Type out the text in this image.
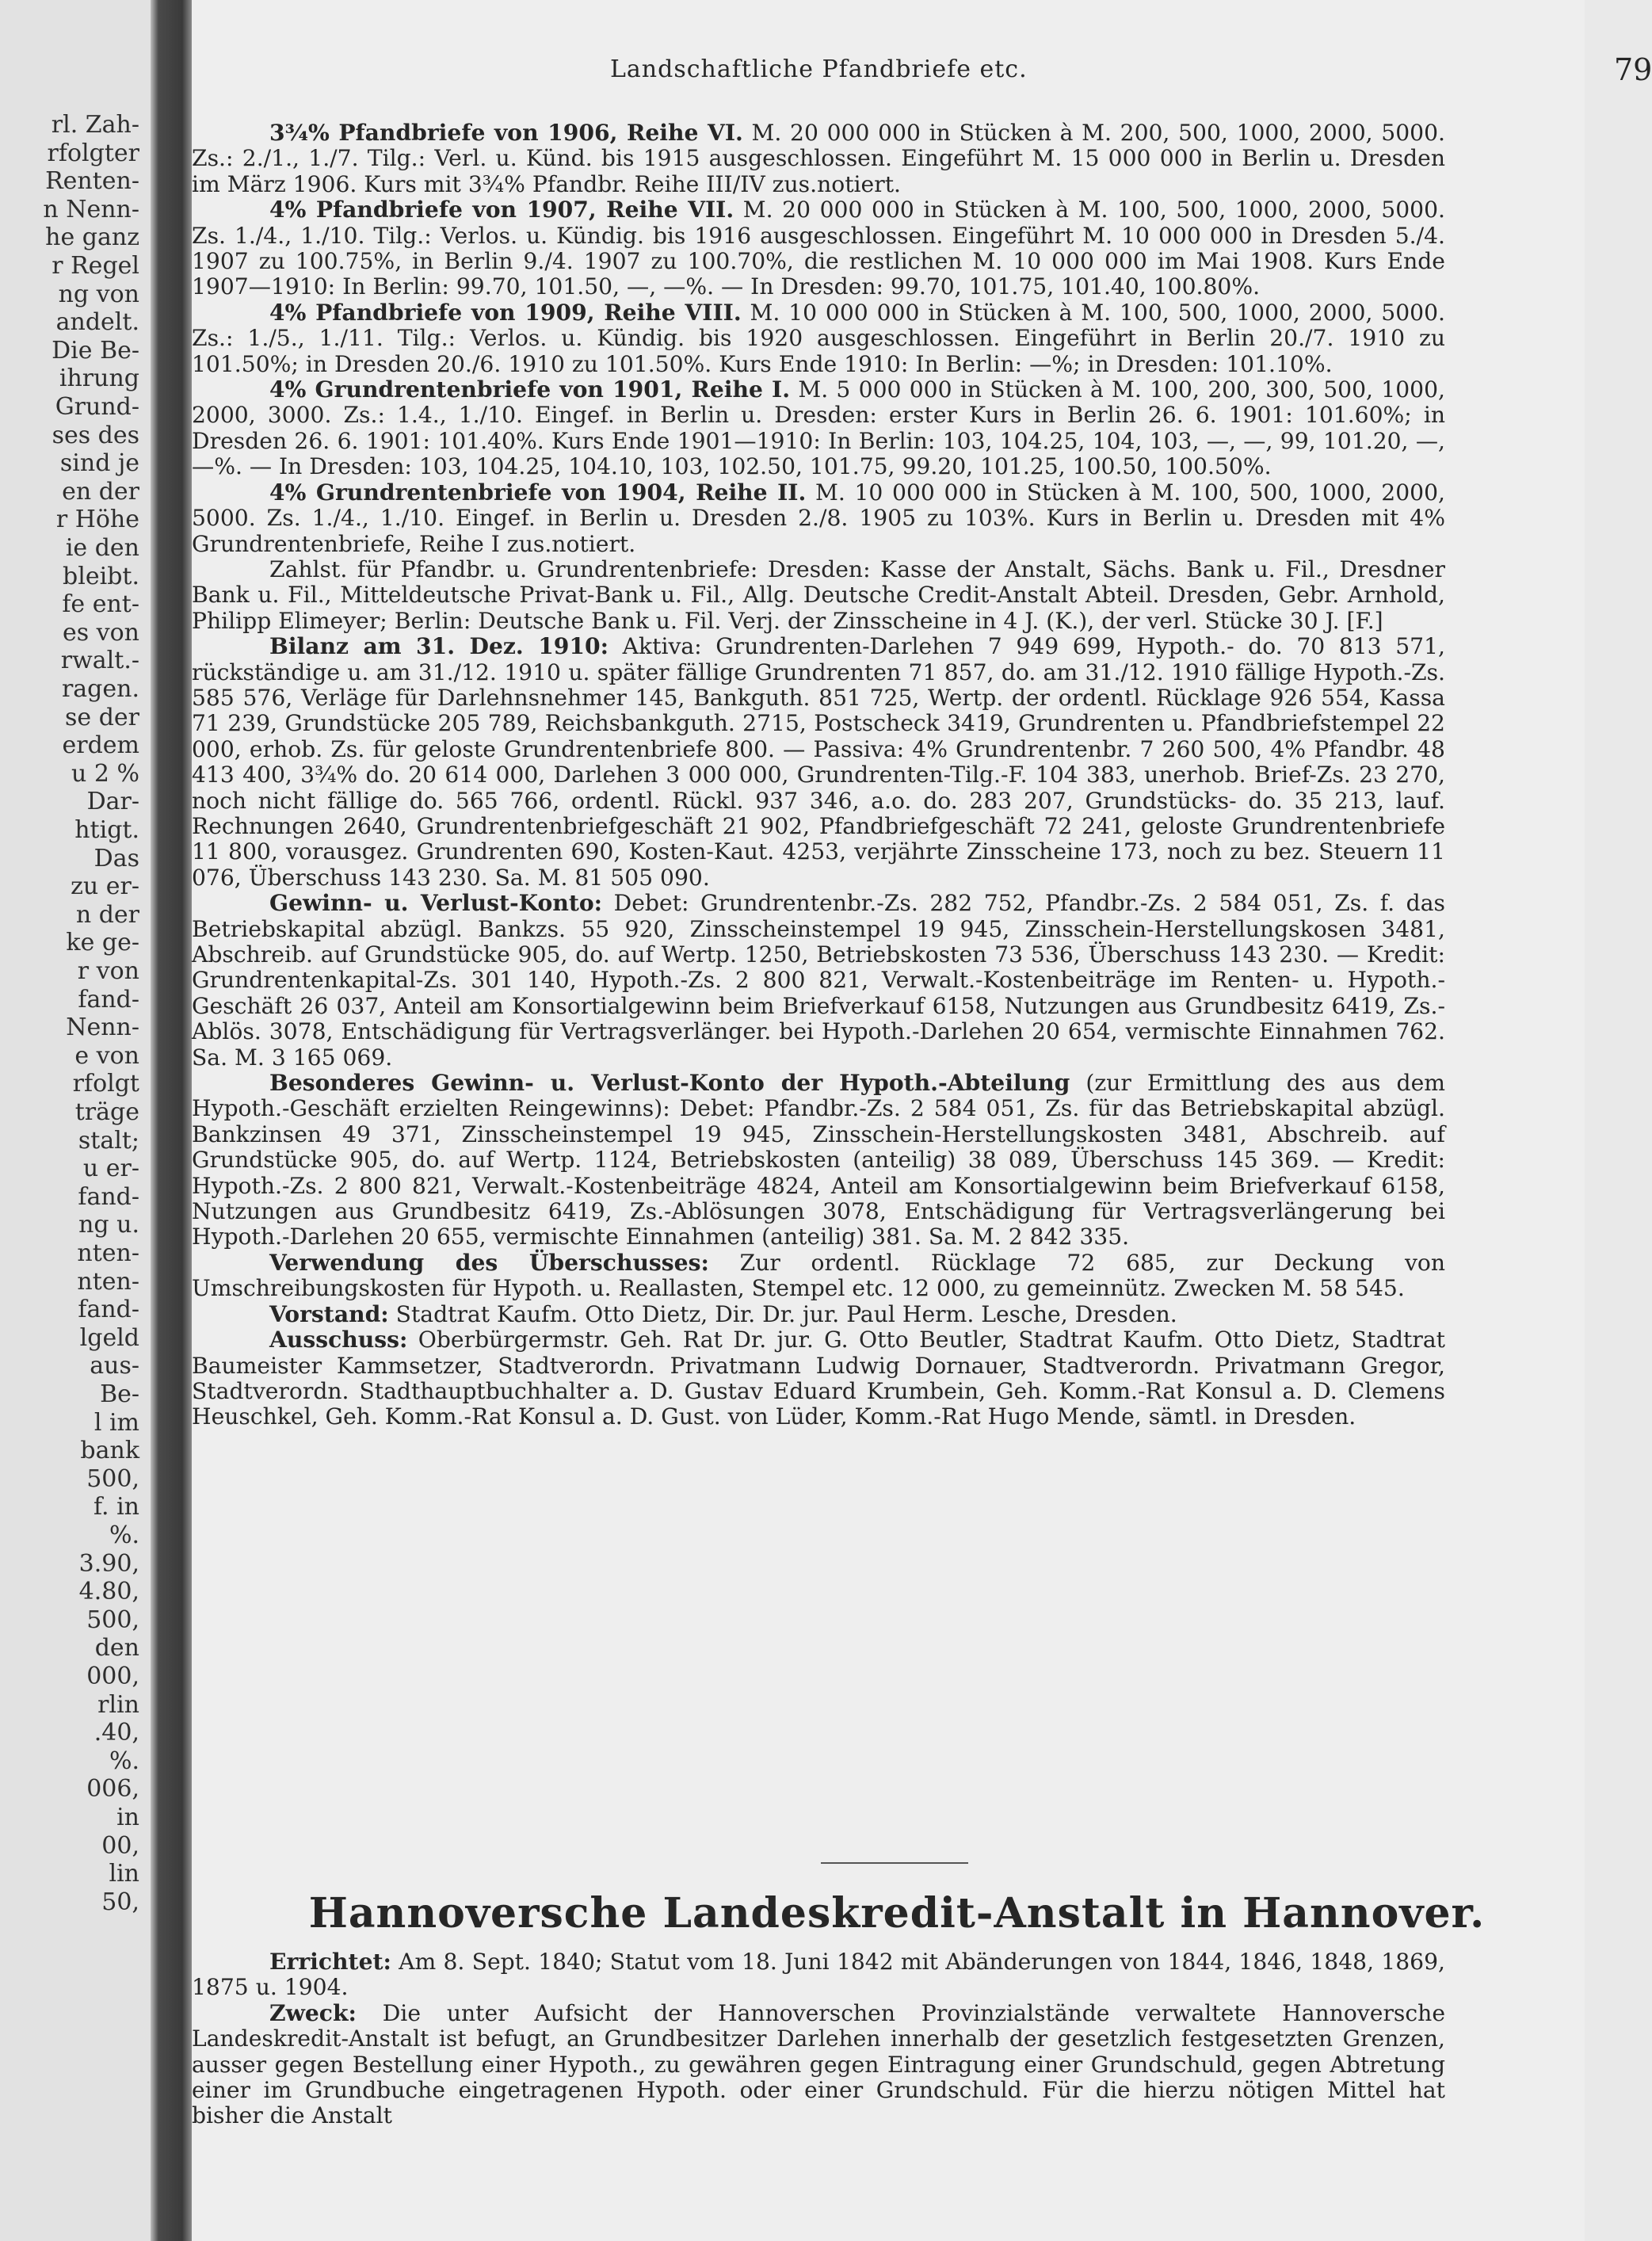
rl. Zah-
rfolgter
Renten-
n Nenn-
he ganz
r Regel
ng von
andelt.
Die Be-
ihrung
Grund-
ses des
sind je
en der
r Höhe
ie den
bleibt.
fe ent-
es von
rwalt.-
ragen.
se der
erdem
u 2 %
Dar-
htigt.
Das
zu er-
n der
ke ge-
r von
fand-
Nenn-
e von
rfolgt
träge
stalt;
u er-
fand-
ng u.
nten-
nten-
fand-
lgeld
aus-
Be-
l im
bank
500,
f. in
%.
3.90,
4.80,
500,
den
000,
rlin
.40,
%.
006,
in
00,
lin
50,
Landschaftliche Pfandbriefe etc.	79

3¾% Pfandbriefe von 1906, Reihe VI. M. 20 000 000 in Stücken à M. 200, 500, 1000, 2000, 5000. Zs.: 2./1., 1./7. Tilg.: Verl. u. Künd. bis 1915 ausgeschlossen. Eingeführt M. 15 000 000 in Berlin u. Dresden im März 1906. Kurs mit 3¾% Pfandbr. Reihe III/IV zus.notiert.

4% Pfandbriefe von 1907, Reihe VII. M. 20 000 000 in Stücken à M. 100, 500, 1000, 2000, 5000. Zs. 1./4., 1./10. Tilg.: Verlos. u. Kündig. bis 1916 ausgeschlossen. Eingeführt M. 10 000 000 in Dresden 5./4. 1907 zu 100.75%, in Berlin 9./4. 1907 zu 100.70%, die restlichen M. 10 000 000 im Mai 1908. Kurs Ende 1907—1910: In Berlin: 99.70, 101.50, —, —%. — In Dresden: 99.70, 101.75, 101.40, 100.80%.

4% Pfandbriefe von 1909, Reihe VIII. M. 10 000 000 in Stücken à M. 100, 500, 1000, 2000, 5000. Zs.: 1./5., 1./11. Tilg.: Verlos. u. Kündig. bis 1920 ausgeschlossen. Eingeführt in Berlin 20./7. 1910 zu 101.50%; in Dresden 20./6. 1910 zu 101.50%. Kurs Ende 1910: In Berlin: —%; in Dresden: 101.10%.

4% Grundrentenbriefe von 1901, Reihe I. M. 5 000 000 in Stücken à M. 100, 200, 300, 500, 1000, 2000, 3000. Zs.: 1.4., 1./10. Eingef. in Berlin u. Dresden: erster Kurs in Berlin 26. 6. 1901: 101.60%; in Dresden 26. 6. 1901: 101.40%. Kurs Ende 1901—1910: In Berlin: 103, 104.25, 104, 103, —, —, 99, 101.20, —, —%. — In Dresden: 103, 104.25, 104.10, 103, 102.50, 101.75, 99.20, 101.25, 100.50, 100.50%.

4% Grundrentenbriefe von 1904, Reihe II. M. 10 000 000 in Stücken à M. 100, 500, 1000, 2000, 5000. Zs. 1./4., 1./10. Eingef. in Berlin u. Dresden 2./8. 1905 zu 103%. Kurs in Berlin u. Dresden mit 4% Grundrentenbriefe, Reihe I zus.notiert.

Zahlst. für Pfandbr. u. Grundrentenbriefe: Dresden: Kasse der Anstalt, Sächs. Bank u. Fil., Dresdner Bank u. Fil., Mitteldeutsche Privat-Bank u. Fil., Allg. Deutsche Credit-Anstalt Abteil. Dresden, Gebr. Arnhold, Philipp Elimeyer; Berlin: Deutsche Bank u. Fil. Verj. der Zinsscheine in 4 J. (K.), der verl. Stücke 30 J. [F.]

Bilanz am 31. Dez. 1910: Aktiva: Grundrenten-Darlehen 7 949 699, Hypoth.- do. 70 813 571, rückständige u. am 31./12. 1910 u. später fällige Grundrenten 71 857, do. am 31./12. 1910 fällige Hypoth.-Zs. 585 576, Verläge für Darlehnsnehmer 145, Bankguth. 851 725, Wertp. der ordentl. Rücklage 926 554, Kassa 71 239, Grundstücke 205 789, Reichsbankguth. 2715, Postscheck 3419, Grundrenten u. Pfandbriefstempel 22 000, erhob. Zs. für geloste Grundrentenbriefe 800. — Passiva: 4% Grundrentenbr. 7 260 500, 4% Pfandbr. 48 413 400, 3¾% do. 20 614 000, Darlehen 3 000 000, Grundrenten-Tilg.-F. 104 383, unerhob. Brief-Zs. 23 270, noch nicht fällige do. 565 766, ordentl. Rückl. 937 346, a.o. do. 283 207, Grundstücks- do. 35 213, lauf. Rechnungen 2640, Grundrentenbriefgeschäft 21 902, Pfandbriefgeschäft 72 241, geloste Grundrentenbriefe 11 800, vorausgez. Grundrenten 690, Kosten-Kaut. 4253, verjährte Zinsscheine 173, noch zu bez. Steuern 11 076, Überschuss 143 230. Sa. M. 81 505 090.

Gewinn- u. Verlust-Konto: Debet: Grundrentenbr.-Zs. 282 752, Pfandbr.-Zs. 2 584 051, Zs. f. das Betriebskapital abzügl. Bankzs. 55 920, Zinsscheinstempel 19 945, Zinsschein-Herstellungskosen 3481, Abschreib. auf Grundstücke 905, do. auf Wertp. 1250, Betriebskosten 73 536, Überschuss 143 230. — Kredit: Grundrentenkapital-Zs. 301 140, Hypoth.-Zs. 2 800 821, Verwalt.-Kostenbeiträge im Renten- u. Hypoth.-Geschäft 26 037, Anteil am Konsortialgewinn beim Briefverkauf 6158, Nutzungen aus Grundbesitz 6419, Zs.-Ablös. 3078, Entschädigung für Vertragsverlänger. bei Hypoth.-Darlehen 20 654, vermischte Einnahmen 762. Sa. M. 3 165 069.

Besonderes Gewinn- u. Verlust-Konto der Hypoth.-Abteilung (zur Ermittlung des aus dem Hypoth.-Geschäft erzielten Reingewinns): Debet: Pfandbr.-Zs. 2 584 051, Zs. für das Betriebskapital abzügl. Bankzinsen 49 371, Zinsscheinstempel 19 945, Zinsschein-Herstellungskosten 3481, Abschreib. auf Grundstücke 905, do. auf Wertp. 1124, Betriebskosten (anteilig) 38 089, Überschuss 145 369. — Kredit: Hypoth.-Zs. 2 800 821, Verwalt.-Kostenbeiträge 4824, Anteil am Konsortialgewinn beim Briefverkauf 6158, Nutzungen aus Grundbesitz 6419, Zs.-Ablösungen 3078, Entschädigung für Vertragsverlängerung bei Hypoth.-Darlehen 20 655, vermischte Einnahmen (anteilig) 381. Sa. M. 2 842 335.

Verwendung des Überschusses: Zur ordentl. Rücklage 72 685, zur Deckung von Umschreibungskosten für Hypoth. u. Reallasten, Stempel etc. 12 000, zu gemeinnütz. Zwecken M. 58 545.

Vorstand: Stadtrat Kaufm. Otto Dietz, Dir. Dr. jur. Paul Herm. Lesche, Dresden.

Ausschuss: Oberbürgermstr. Geh. Rat Dr. jur. G. Otto Beutler, Stadtrat Kaufm. Otto Dietz, Stadtrat Baumeister Kammsetzer, Stadtverordn. Privatmann Ludwig Dornauer, Stadtverordn. Privatmann Gregor, Stadtverordn. Stadthauptbuchhalter a. D. Gustav Eduard Krumbein, Geh. Komm.-Rat Konsul a. D. Clemens Heuschkel, Geh. Komm.-Rat Konsul a. D. Gust. von Lüder, Komm.-Rat Hugo Mende, sämtl. in Dresden.

Hannoversche Landeskredit-Anstalt in Hannover.

Errichtet: Am 8. Sept. 1840; Statut vom 18. Juni 1842 mit Abänderungen von 1844, 1846, 1848, 1869, 1875 u. 1904.

Zweck: Die unter Aufsicht der Hannoverschen Provinzialstände verwaltete Hannoversche Landeskredit-Anstalt ist befugt, an Grundbesitzer Darlehen innerhalb der gesetzlich festgesetzten Grenzen, ausser gegen Bestellung einer Hypoth., zu gewähren gegen Eintragung einer Grundschuld, gegen Abtretung einer im Grundbuche eingetragenen Hypoth. oder einer Grundschuld. Für die hierzu nötigen Mittel hat bisher die Anstalt
